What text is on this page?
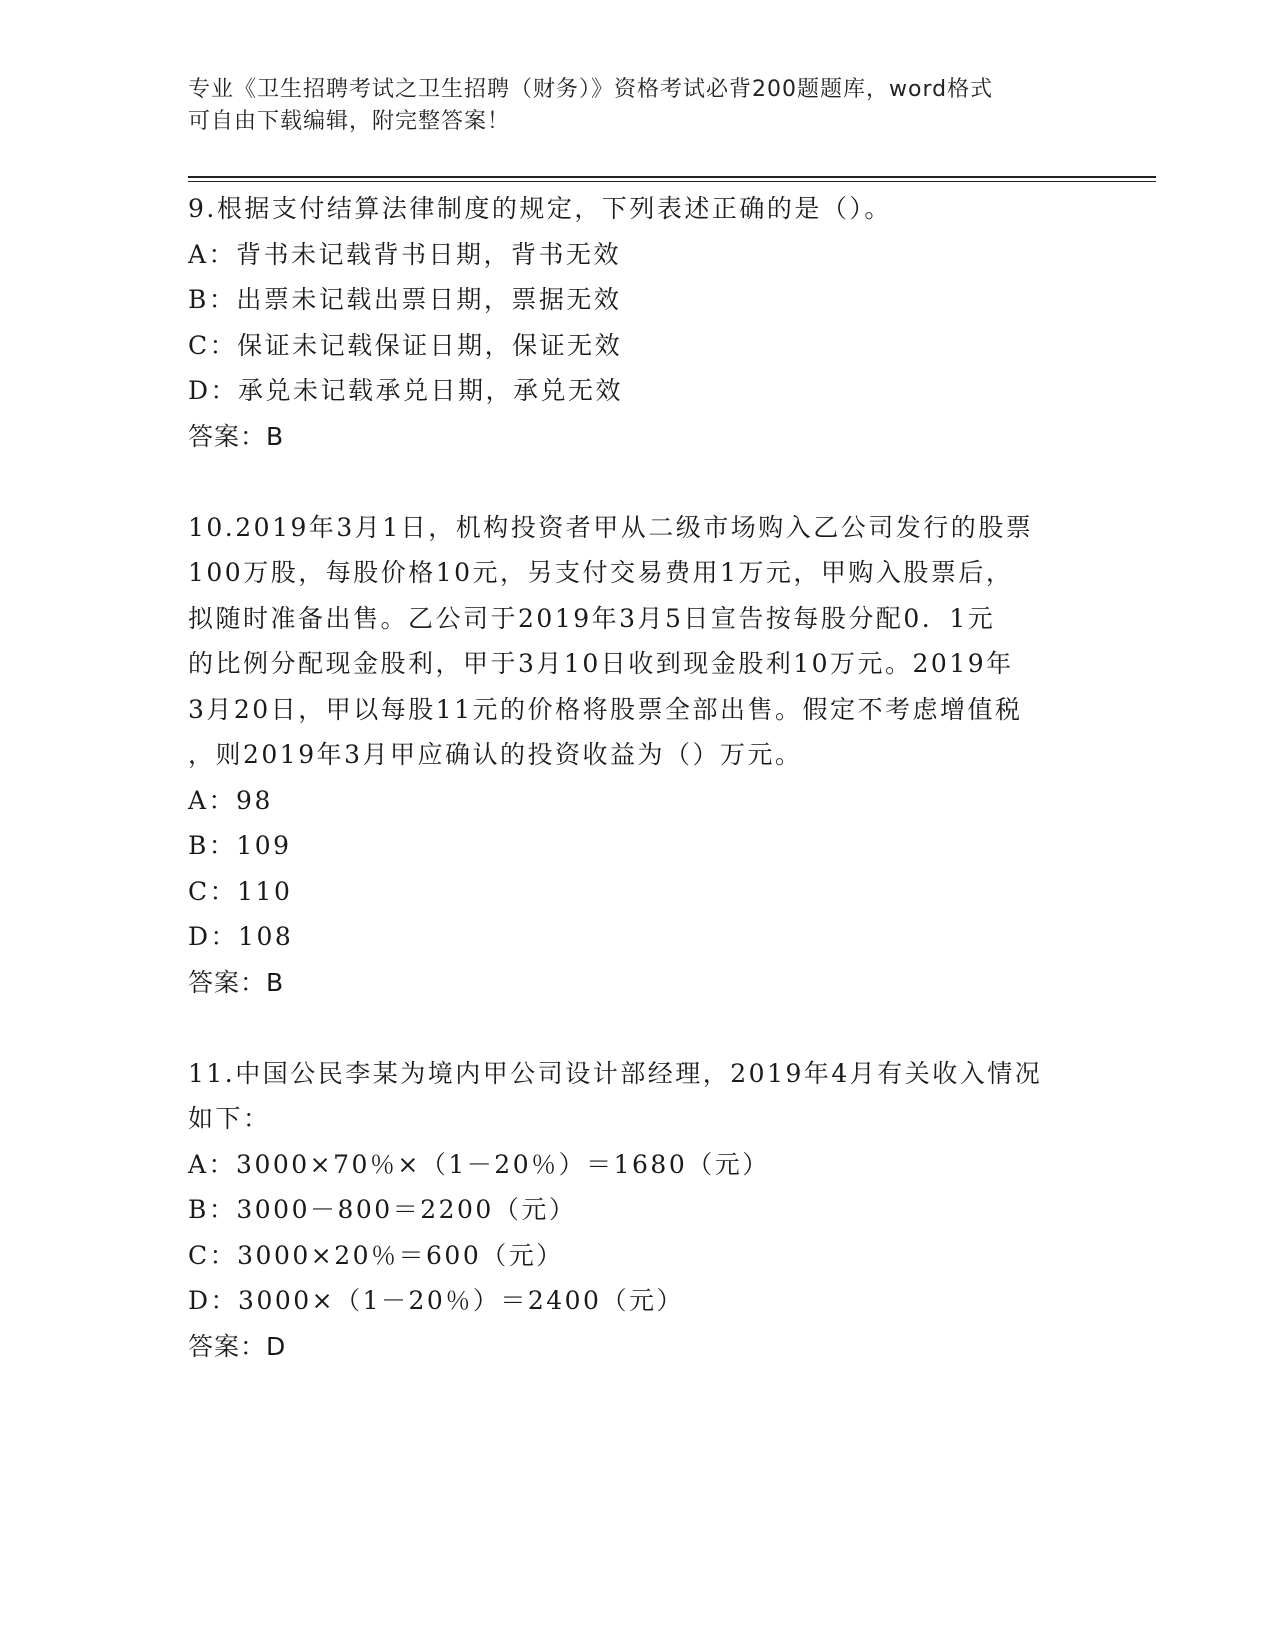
专业《卫生招聘考试之卫生招聘（财务）》资格考试必背200题题库，word格式
可自由下载编辑，附完整答案！

9.根据支付结算法律制度的规定，下列表述正确的是（）。

A：背书未记载背书日期，背书无效

B：出票未记载出票日期，票据无效

C：保证未记载保证日期，保证无效

D：承兑未记载承兑日期，承兑无效

答案：B

10.2019年3月1日，机构投资者甲从二级市场购入乙公司发行的股票

100万股，每股价格10元，另支付交易费用1万元，甲购入股票后，

拟随时准备出售。乙公司于2019年3月5日宣告按每股分配0．1元

的比例分配现金股利，甲于3月10日收到现金股利10万元。2019年

3月20日，甲以每股11元的价格将股票全部出售。假定不考虑增值税

，则2019年3月甲应确认的投资收益为（）万元。

A：98

B：109

C：110

D：108

答案：B

11.中国公民李某为境内甲公司设计部经理，2019年4月有关收入情况

如下：

A：3000×70％×（1－20％）＝1680（元）

B：3000－800＝2200（元）

C：3000×20％＝600（元）

D：3000×（1－20％）＝2400（元）

答案：D
